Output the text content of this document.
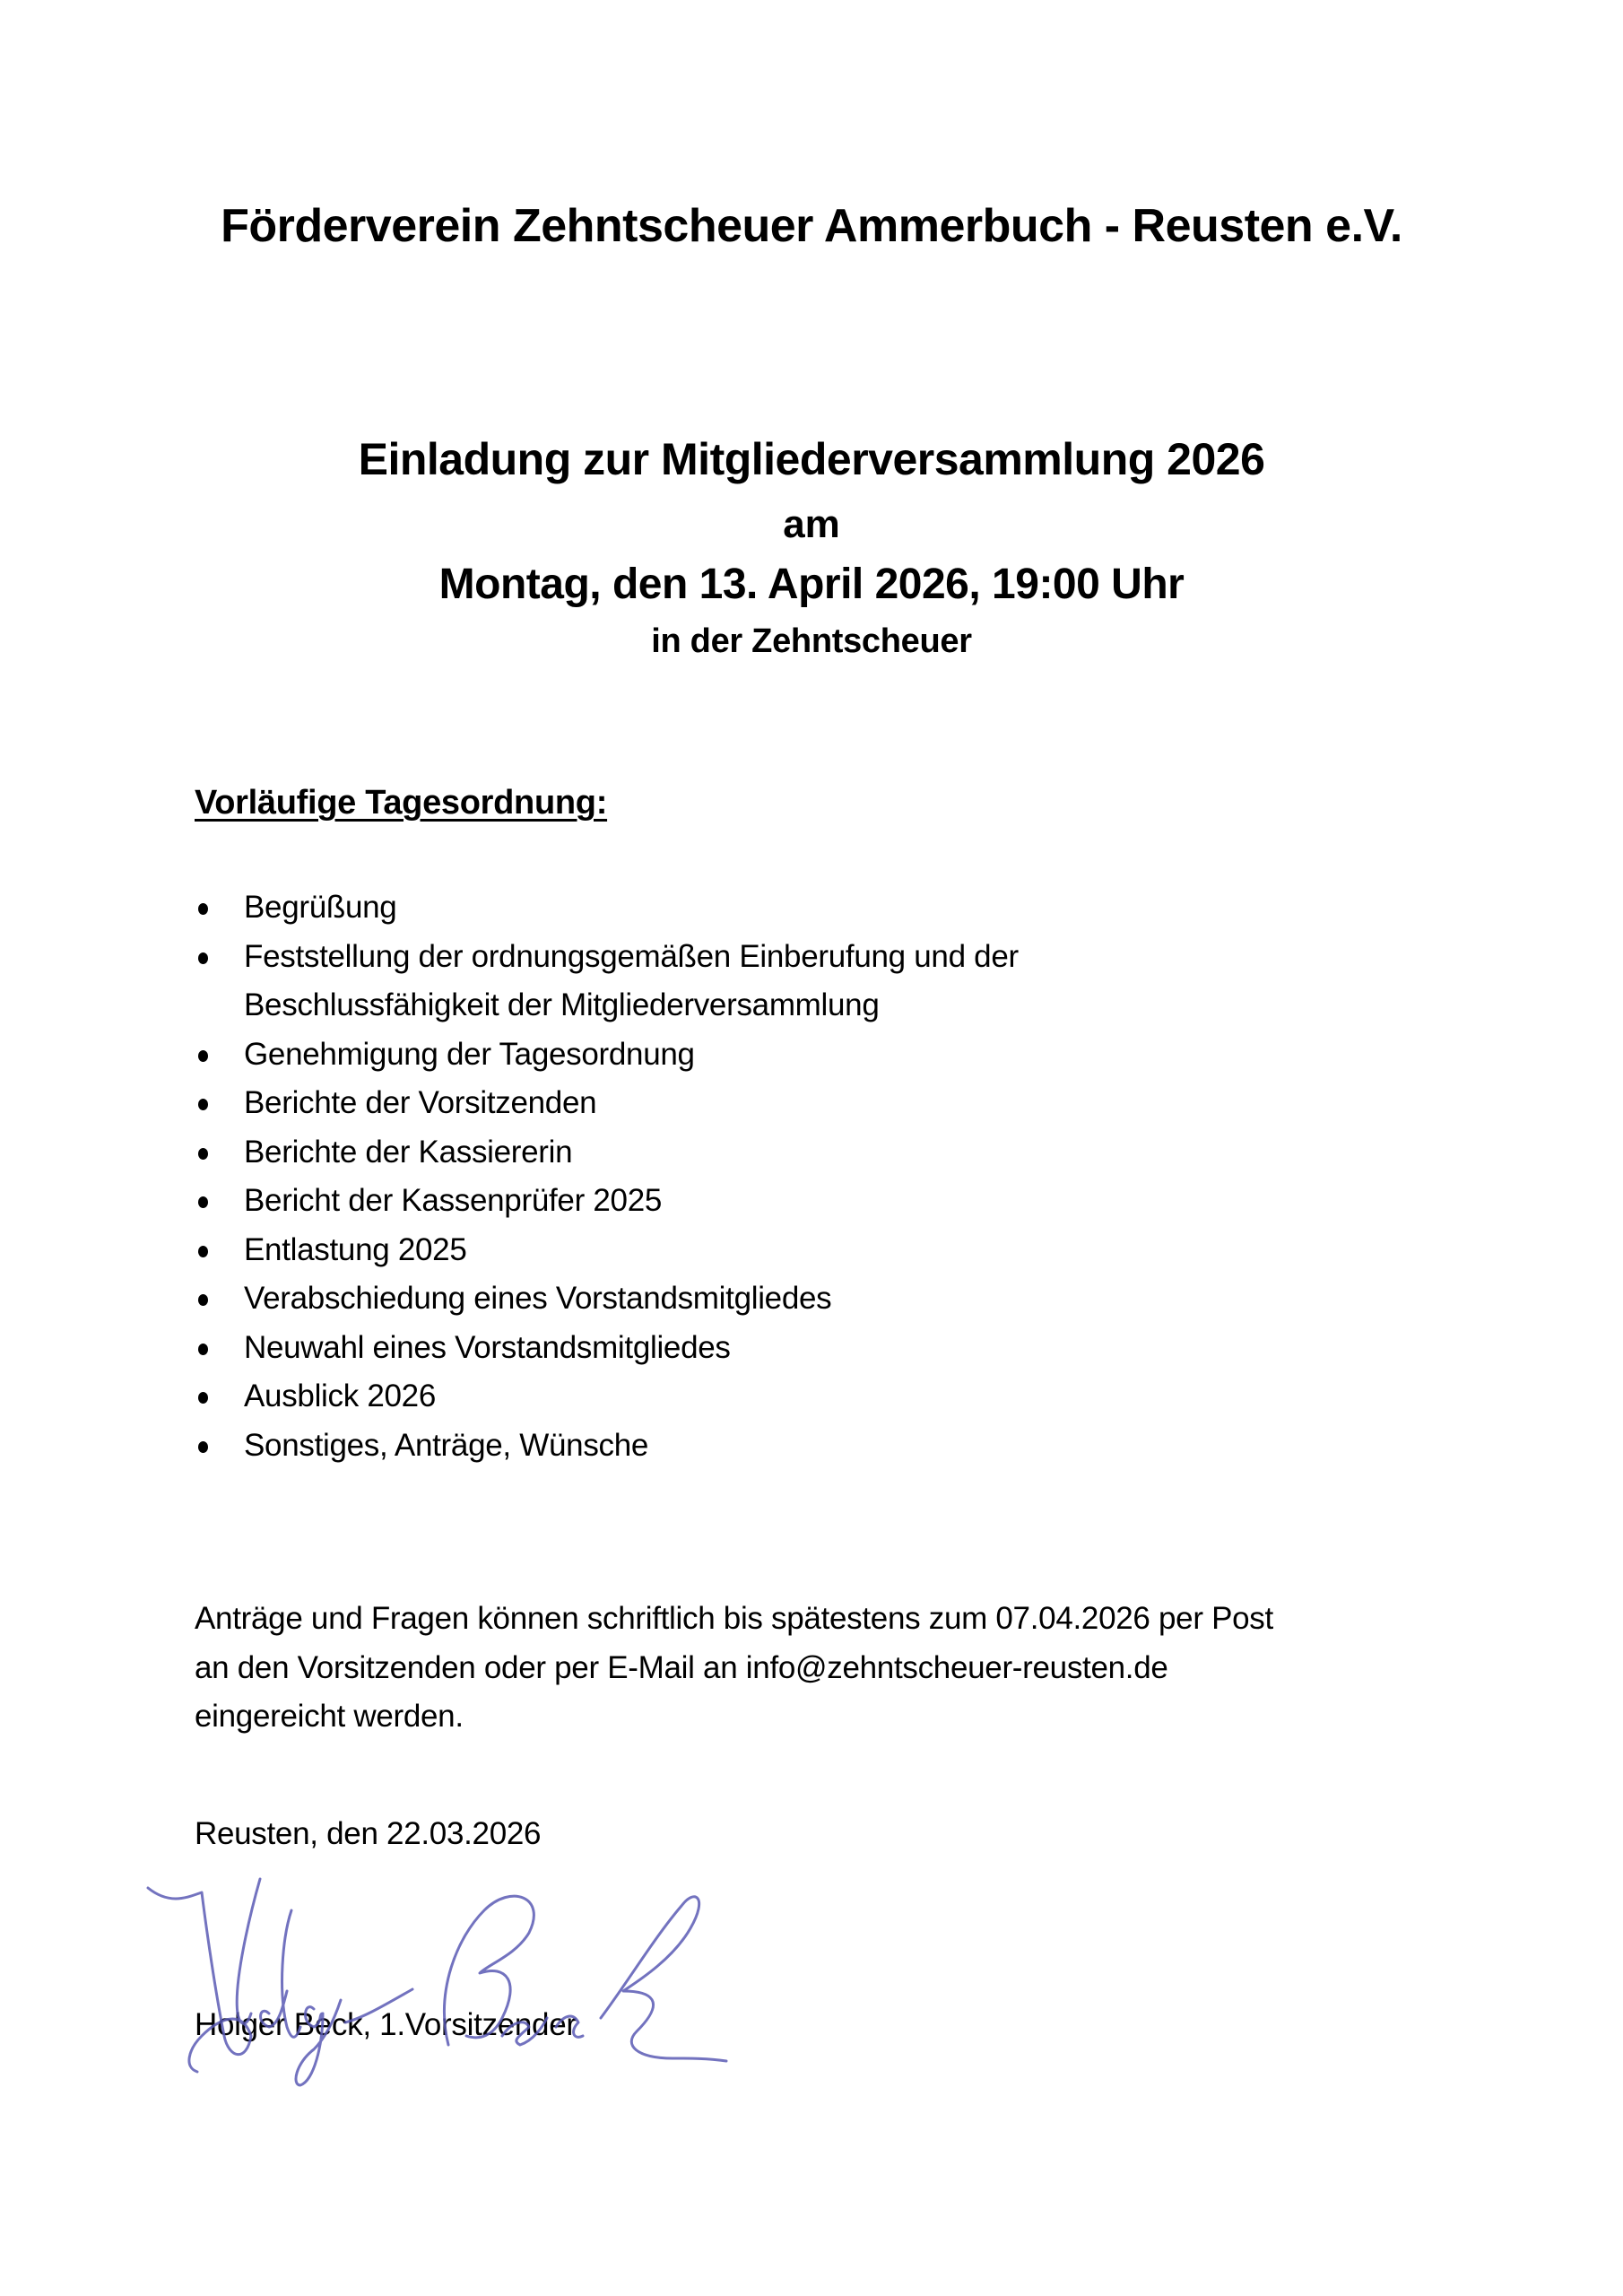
Förderverein Zehntscheuer Ammerbuch - Reusten e.V.
Einladung zur Mitgliederversammlung 2026
am
Montag, den 13. April 2026, 19:00 Uhr
in der Zehntscheuer
Vorläufige Tagesordnung:
Begrüßung
Feststellung der ordnungsgemäßen Einberufung und der Beschlussfähigkeit der Mitgliederversammlung
Genehmigung der Tagesordnung
Berichte der Vorsitzenden
Berichte der Kassiererin
Bericht der Kassenprüfer 2025
Entlastung 2025
Verabschiedung eines Vorstandsmitgliedes
Neuwahl eines Vorstandsmitgliedes
Ausblick 2026
Sonstiges, Anträge, Wünsche
Anträge und Fragen können schriftlich bis spätestens zum 07.04.2026 per Post
an den Vorsitzenden oder per E-Mail an info@zehntscheuer-reusten.de
eingereicht werden.
Reusten, den 22.03.2026
Holger Beck, 1.Vorsitzender
